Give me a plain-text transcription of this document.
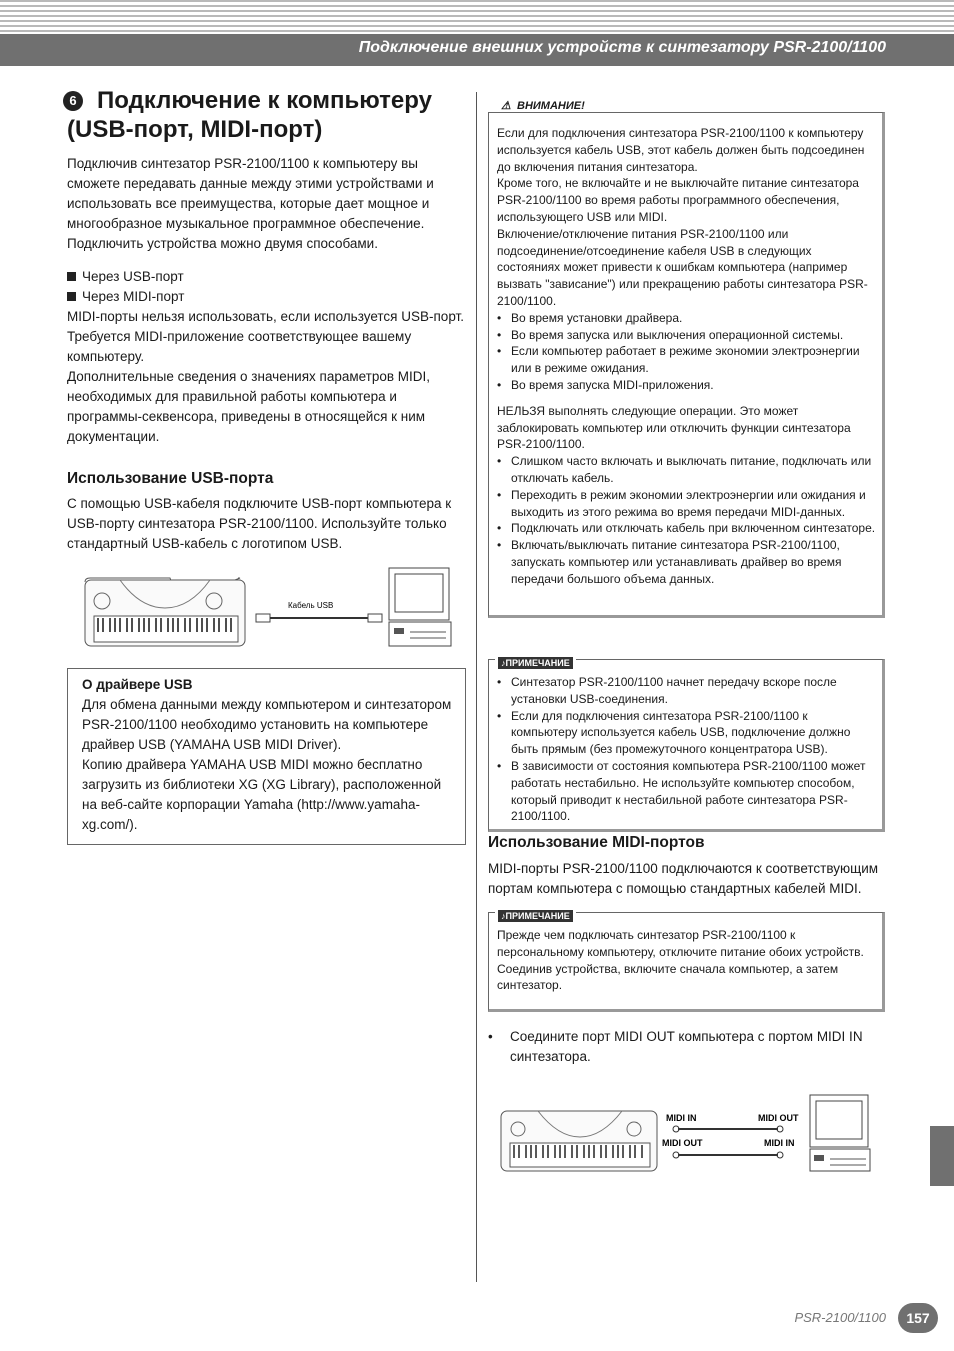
Подключение внешних устройств к синтезатору PSR-2100/1100
6 Подключение к компьютеру
(USB-порт, MIDI-порт)
Подключив синтезатор PSR-2100/1100 к компьютеру вы сможете передавать данные между этими устройствами и использовать все преимущества, которые дает мощное и многообразное музыкальное программное обеспечение. Подключить устройства можно двумя способами.
Через USB-порт
Через MIDI-порт
MIDI-порты нельзя использовать, если используется USB-порт. Требуется MIDI-приложение соответствующее вашему компьютеру.
Дополнительные сведения о значениях параметров MIDI, необходимых для правильной работы компьютера и программы-секвенсора, приведены в относящейся к ним документации.
Использование USB-порта
С помощью USB-кабеля подключите USB-порт компьютера к USB-порту синтезатора PSR-2100/1100. Используйте только стандартный USB-кабель с логотипом USB.
Кабель USB
О драйвере USB
Для обмена данными между компьютером и синтезатором PSR-2100/1100 необходимо установить на компьютере драйвер USB (YAMAHA USB MIDI Driver).
Копию драйвера YAMAHA USB MIDI можно бесплатно загрузить из библиотеки XG (XG Library), расположенной на веб-сайте корпорации Yamaha (http://www.yamaha-xg.com/).
⚠ ВНИМАНИЕ!
Если для подключения синтезатора PSR-2100/1100 к компьютеру используется кабель USB, этот кабель должен быть подсоединен до включения питания синтезатора.
Кроме того, не включайте и не выключайте питание синтезатора PSR-2100/1100 во время работы программного обеспечения, использующего USB или MIDI.
Включение/отключение питания PSR-2100/1100 или подсоединение/отсоединение кабеля USB в следующих состояниях может привести к ошибкам компьютера (например вызвать "зависание") или прекращению работы синтезатора PSR-2100/1100.
• Во время установки драйвера.
• Во время запуска или выключения операционной системы.
• Если компьютер работает в режиме экономии электроэнергии или в режиме ожидания.
• Во время запуска MIDI-приложения.
НЕЛЬЗЯ выполнять следующие операции. Это может заблокировать компьютер или отключить функции синтезатора PSR-2100/1100.
• Слишком часто включать и выключать питание, подключать или отключать кабель.
• Переходить в режим экономии электроэнергии или ожидания и выходить из этого режима во время передачи MIDI-данных.
• Подключать или отключать кабель при включенном синтезаторе.
• Включать/выключать питание синтезатора PSR-2100/1100, запускать компьютер или устанавливать драйвер во время передачи большого объема данных.
♪ПРИМЕЧАНИЕ
• Синтезатор PSR-2100/1100 начнет передачу вскоре после установки USB-соединения.
• Если для подключения синтезатора PSR-2100/1100 к компьютеру используется кабель USB, подключение должно быть прямым (без промежуточного концентратора USB).
• В зависимости от состояния компьютера PSR-2100/1100 может работать нестабильно. Не используйте компьютер способом, который приводит к нестабильной работе синтезатора PSR-2100/1100.
Использование MIDI-портов
MIDI-порты PSR-2100/1100 подключаются к соответствующим портам компьютера с помощью стандартных кабелей MIDI.
♪ПРИМЕЧАНИЕ
Прежде чем подключать синтезатор PSR-2100/1100 к персональному компьютеру, отключите питание обоих устройств. Соединив устройства, включите сначала компьютер, а затем синтезатор.
• Соедините порт MIDI OUT компьютера с портом MIDI IN синтезатора.
MIDI IN	MIDI OUT
MIDI OUT	MIDI IN
PSR-2100/1100	157
